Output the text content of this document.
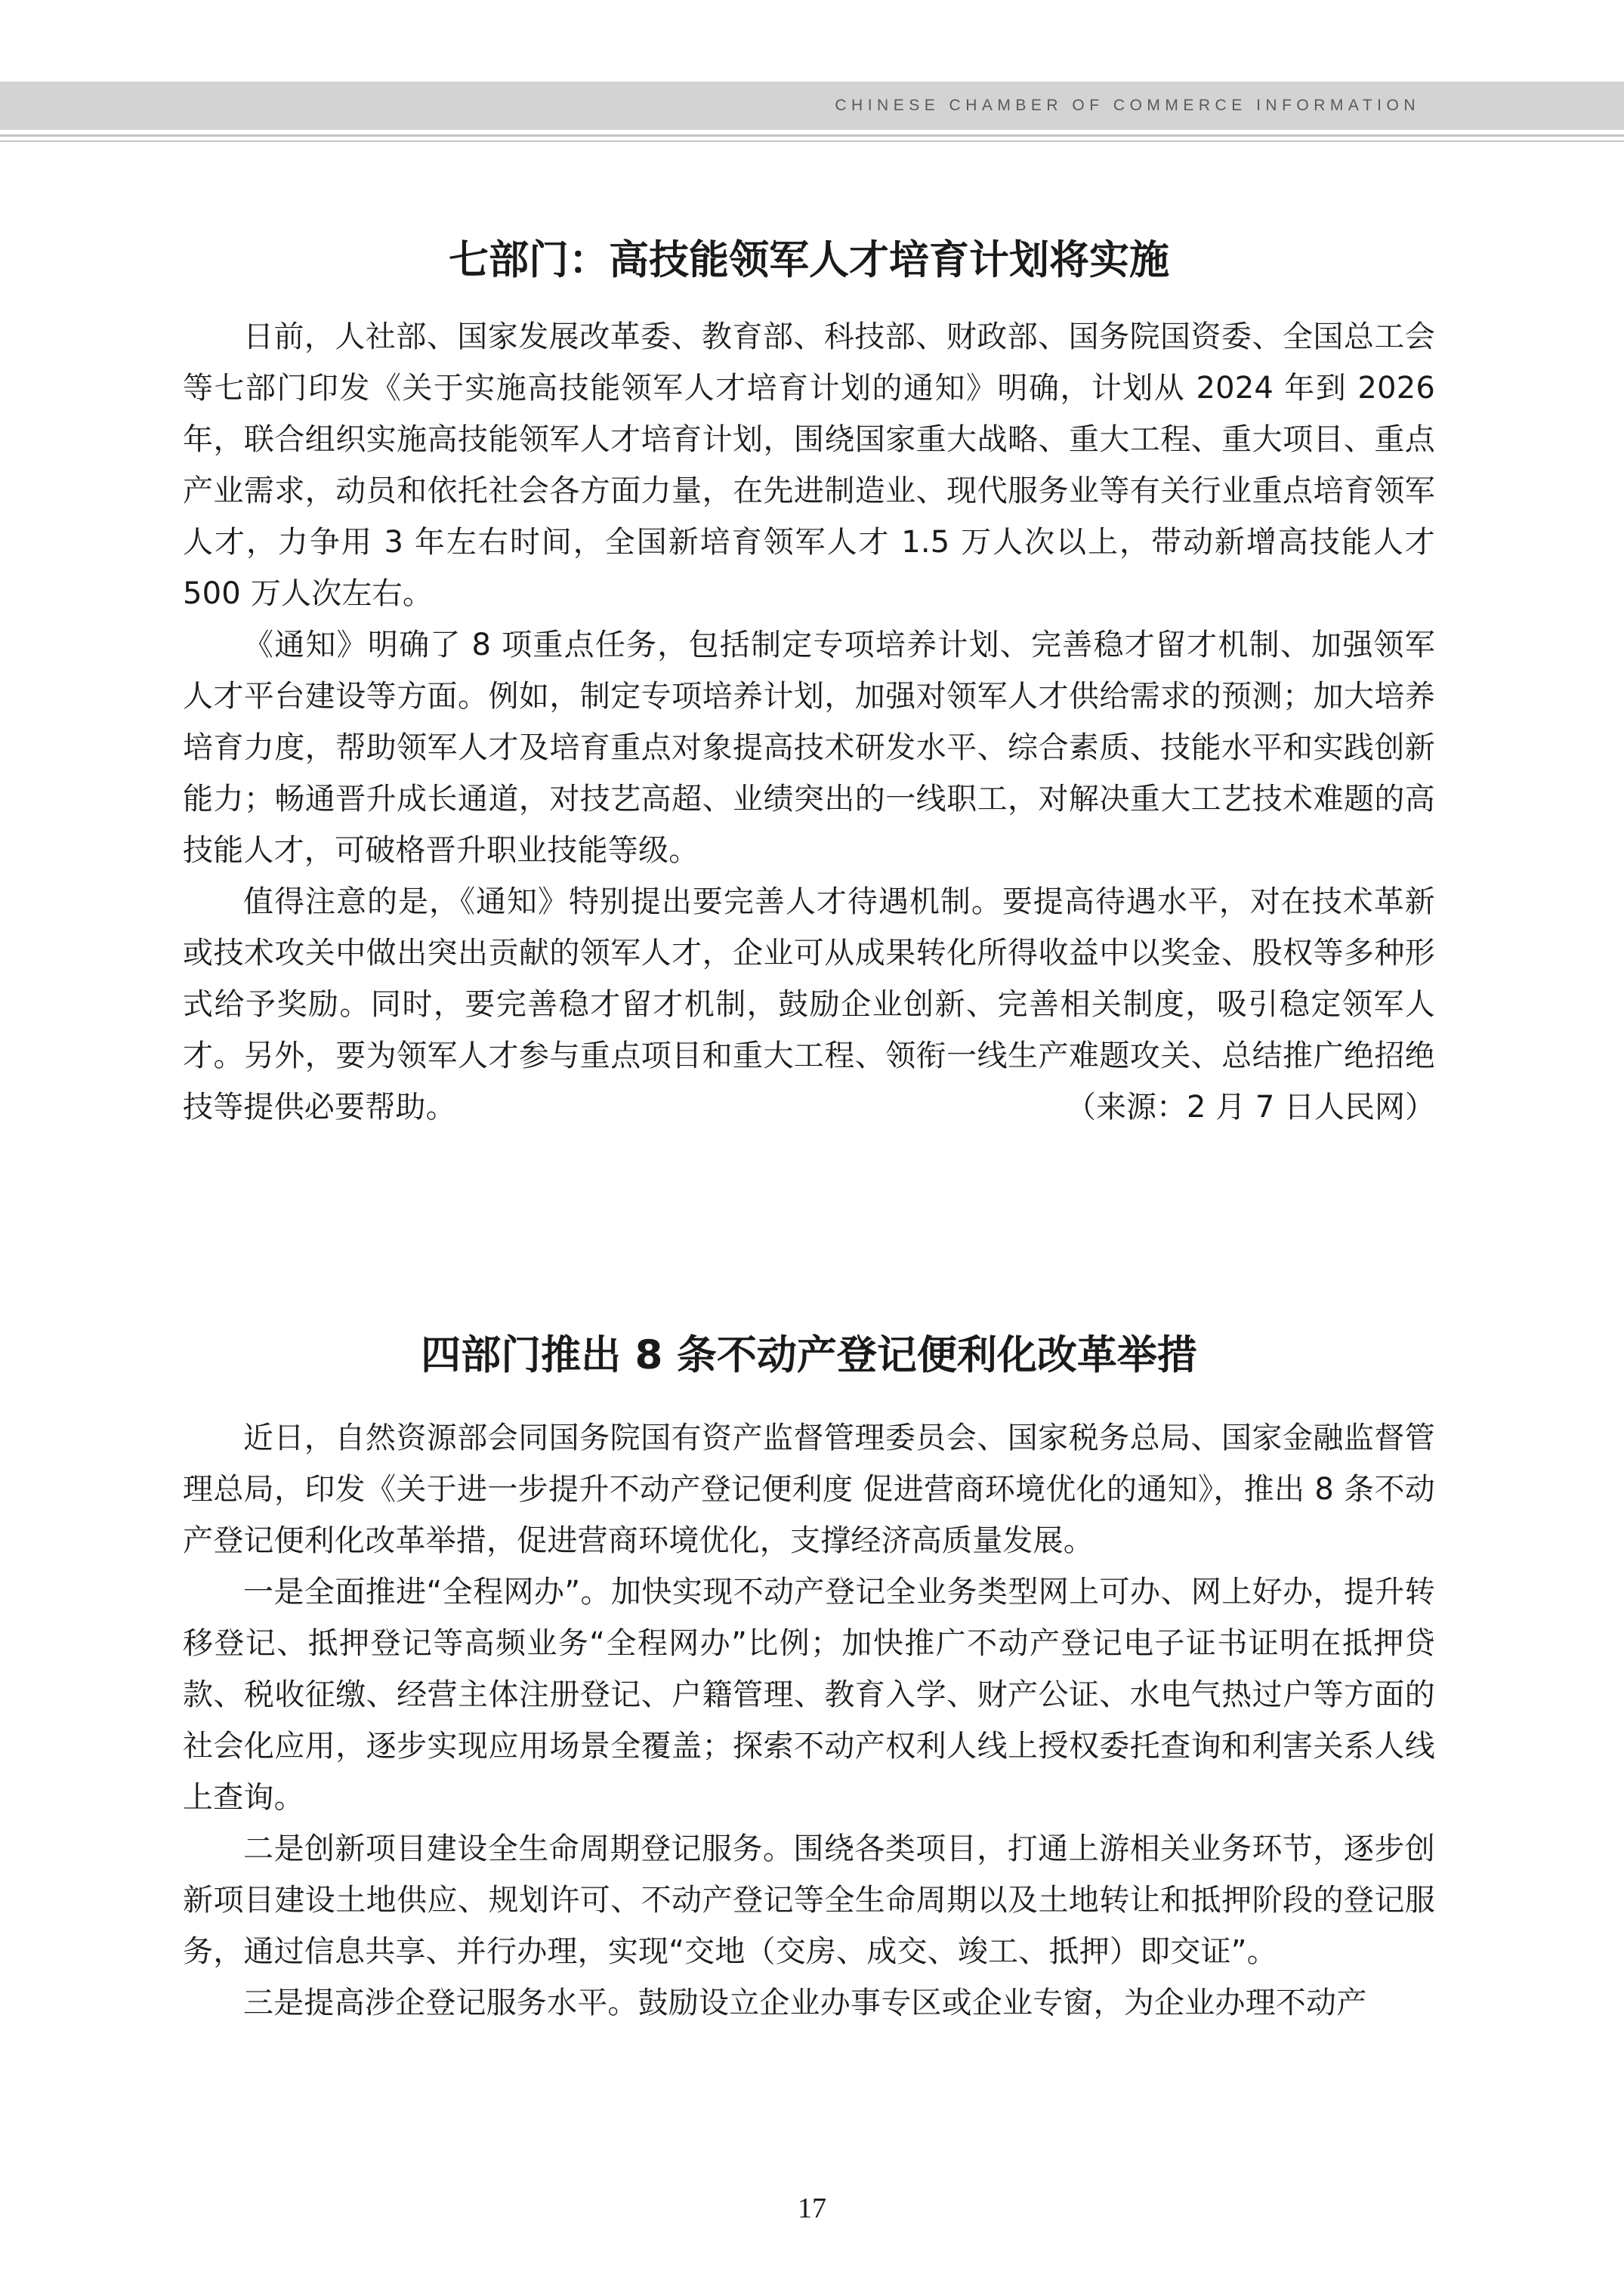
CHINESE CHAMBER OF COMMERCE INFORMATION
七部门：高技能领军人才培育计划将实施

日前，人社部、国家发展改革委、教育部、科技部、财政部、国务院国资委、全国总工会等七部门印发《关于实施高技能领军人才培育计划的通知》明确，计划从 2024 年到 2026 年，联合组织实施高技能领军人才培育计划，围绕国家重大战略、重大工程、重大项目、重点产业需求，动员和依托社会各方面力量，在先进制造业、现代服务业等有关行业重点培育领军人才，力争用 3 年左右时间，全国新培育领军人才 1.5 万人次以上，带动新增高技能人才 500 万人次左右。

《通知》明确了 8 项重点任务，包括制定专项培养计划、完善稳才留才机制、加强领军人才平台建设等方面。例如，制定专项培养计划，加强对领军人才供给需求的预测；加大培养培育力度，帮助领军人才及培育重点对象提高技术研发水平、综合素质、技能水平和实践创新能力；畅通晋升成长通道，对技艺高超、业绩突出的一线职工，对解决重大工艺技术难题的高技能人才，可破格晋升职业技能等级。

值得注意的是，《通知》特别提出要完善人才待遇机制。要提高待遇水平，对在技术革新或技术攻关中做出突出贡献的领军人才，企业可从成果转化所得收益中以奖金、股权等多种形式给予奖励。同时，要完善稳才留才机制，鼓励企业创新、完善相关制度，吸引稳定领军人才。另外，要为领军人才参与重点项目和重大工程、领衔一线生产难题攻关、总结推广绝招绝技等提供必要帮助。	（来源：2 月 7 日人民网）

四部门推出 8 条不动产登记便利化改革举措

近日，自然资源部会同国务院国有资产监督管理委员会、国家税务总局、国家金融监督管理总局，印发《关于进一步提升不动产登记便利度 促进营商环境优化的通知》，推出 8 条不动产登记便利化改革举措，促进营商环境优化，支撑经济高质量发展。

一是全面推进“全程网办”。加快实现不动产登记全业务类型网上可办、网上好办，提升转移登记、抵押登记等高频业务“全程网办”比例；加快推广不动产登记电子证书证明在抵押贷款、税收征缴、经营主体注册登记、户籍管理、教育入学、财产公证、水电气热过户等方面的社会化应用，逐步实现应用场景全覆盖；探索不动产权利人线上授权委托查询和利害关系人线上查询。

二是创新项目建设全生命周期登记服务。围绕各类项目，打通上游相关业务环节，逐步创新项目建设土地供应、规划许可、不动产登记等全生命周期以及土地转让和抵押阶段的登记服务，通过信息共享、并行办理，实现“交地（交房、成交、竣工、抵押）即交证”。

三是提高涉企登记服务水平。鼓励设立企业办事专区或企业专窗，为企业办理不动产

17
